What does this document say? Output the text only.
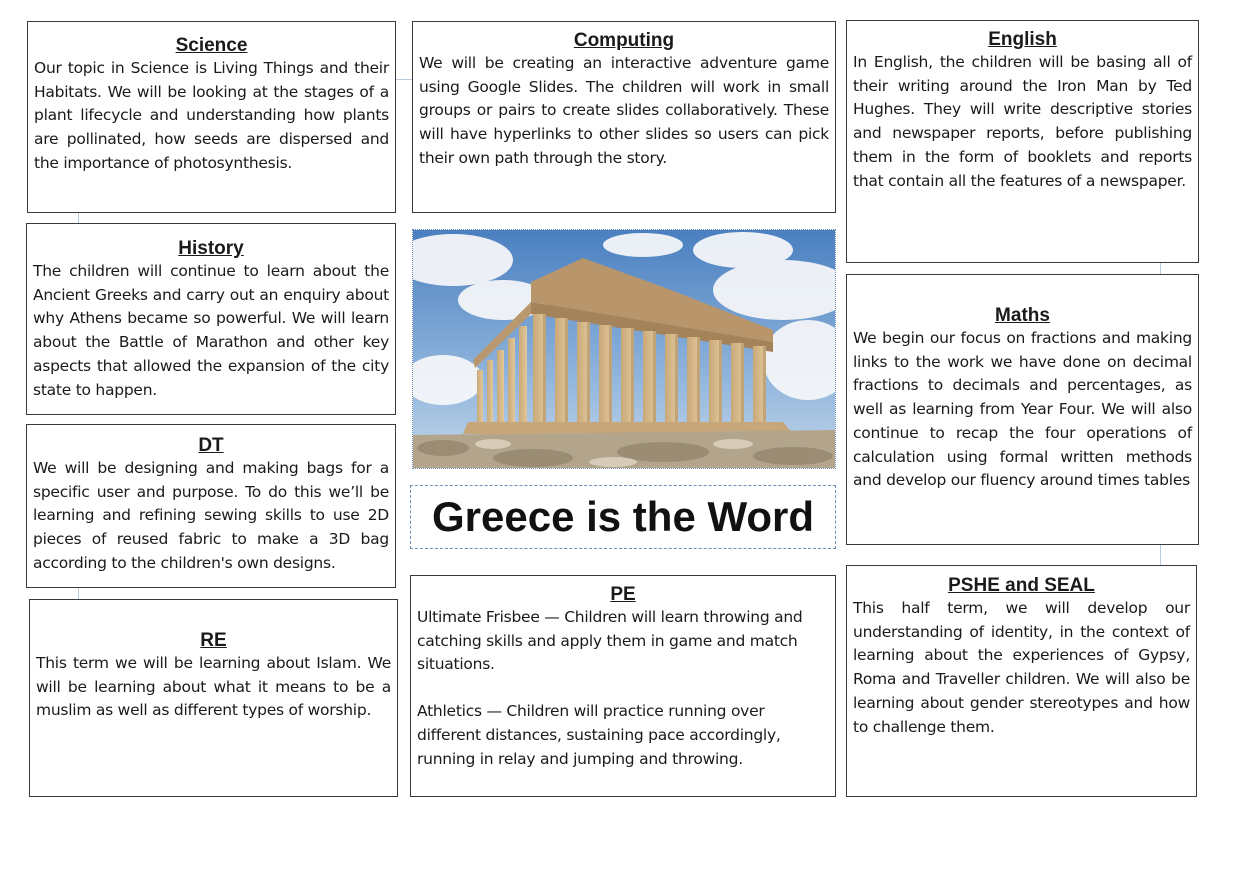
Science

Our topic in Science is Living Things and their Habitats. We will be looking at the stages of a plant lifecycle and understanding how plants are pollinated, how seeds are dispersed and the importance of photosynthesis.

Computing

We will be creating an interactive adventure game using Google Slides. The children will work in small groups or pairs to create slides collaboratively. These will have hyperlinks to other slides so users can pick their own path through the story.

English

In English, the children will be basing all of their writing around the Iron Man by Ted Hughes. They will write descriptive stories and newspaper reports, before publishing them in the form of booklets and reports that contain all the features of a newspaper.

History

The children will continue to learn about the Ancient Greeks and carry out an enquiry about why Athens became so powerful. We will learn about the Battle of Marathon and other key aspects that allowed the expansion of the city state to happen.

Maths

We begin our focus on fractions and making links to the work we have done on decimal fractions to decimals and percentages, as well as learning from Year Four. We will also continue to recap the four operations of calculation using formal written methods and develop our fluency around times tables

DT

We will be designing and making bags for a specific user and purpose. To do this we’ll be learning and refining sewing skills to use 2D pieces of reused fabric to make a 3D bag according to the children's own designs.

Greece is the Word
PSHE and SEAL

This half term, we will develop our understanding of identity, in the context of learning about the experiences of Gypsy, Roma and Traveller children. We will also be learning about gender stereotypes and how to challenge them.

PE

Ultimate Frisbee — Children will learn throwing and catching skills and apply them in game and match situations.

Athletics — Children will practice running over different distances, sustaining pace accordingly, running in relay and jumping and throwing.

RE

This term we will be learning about Islam. We will be learning about what it means to be a muslim as well as different types of worship.
